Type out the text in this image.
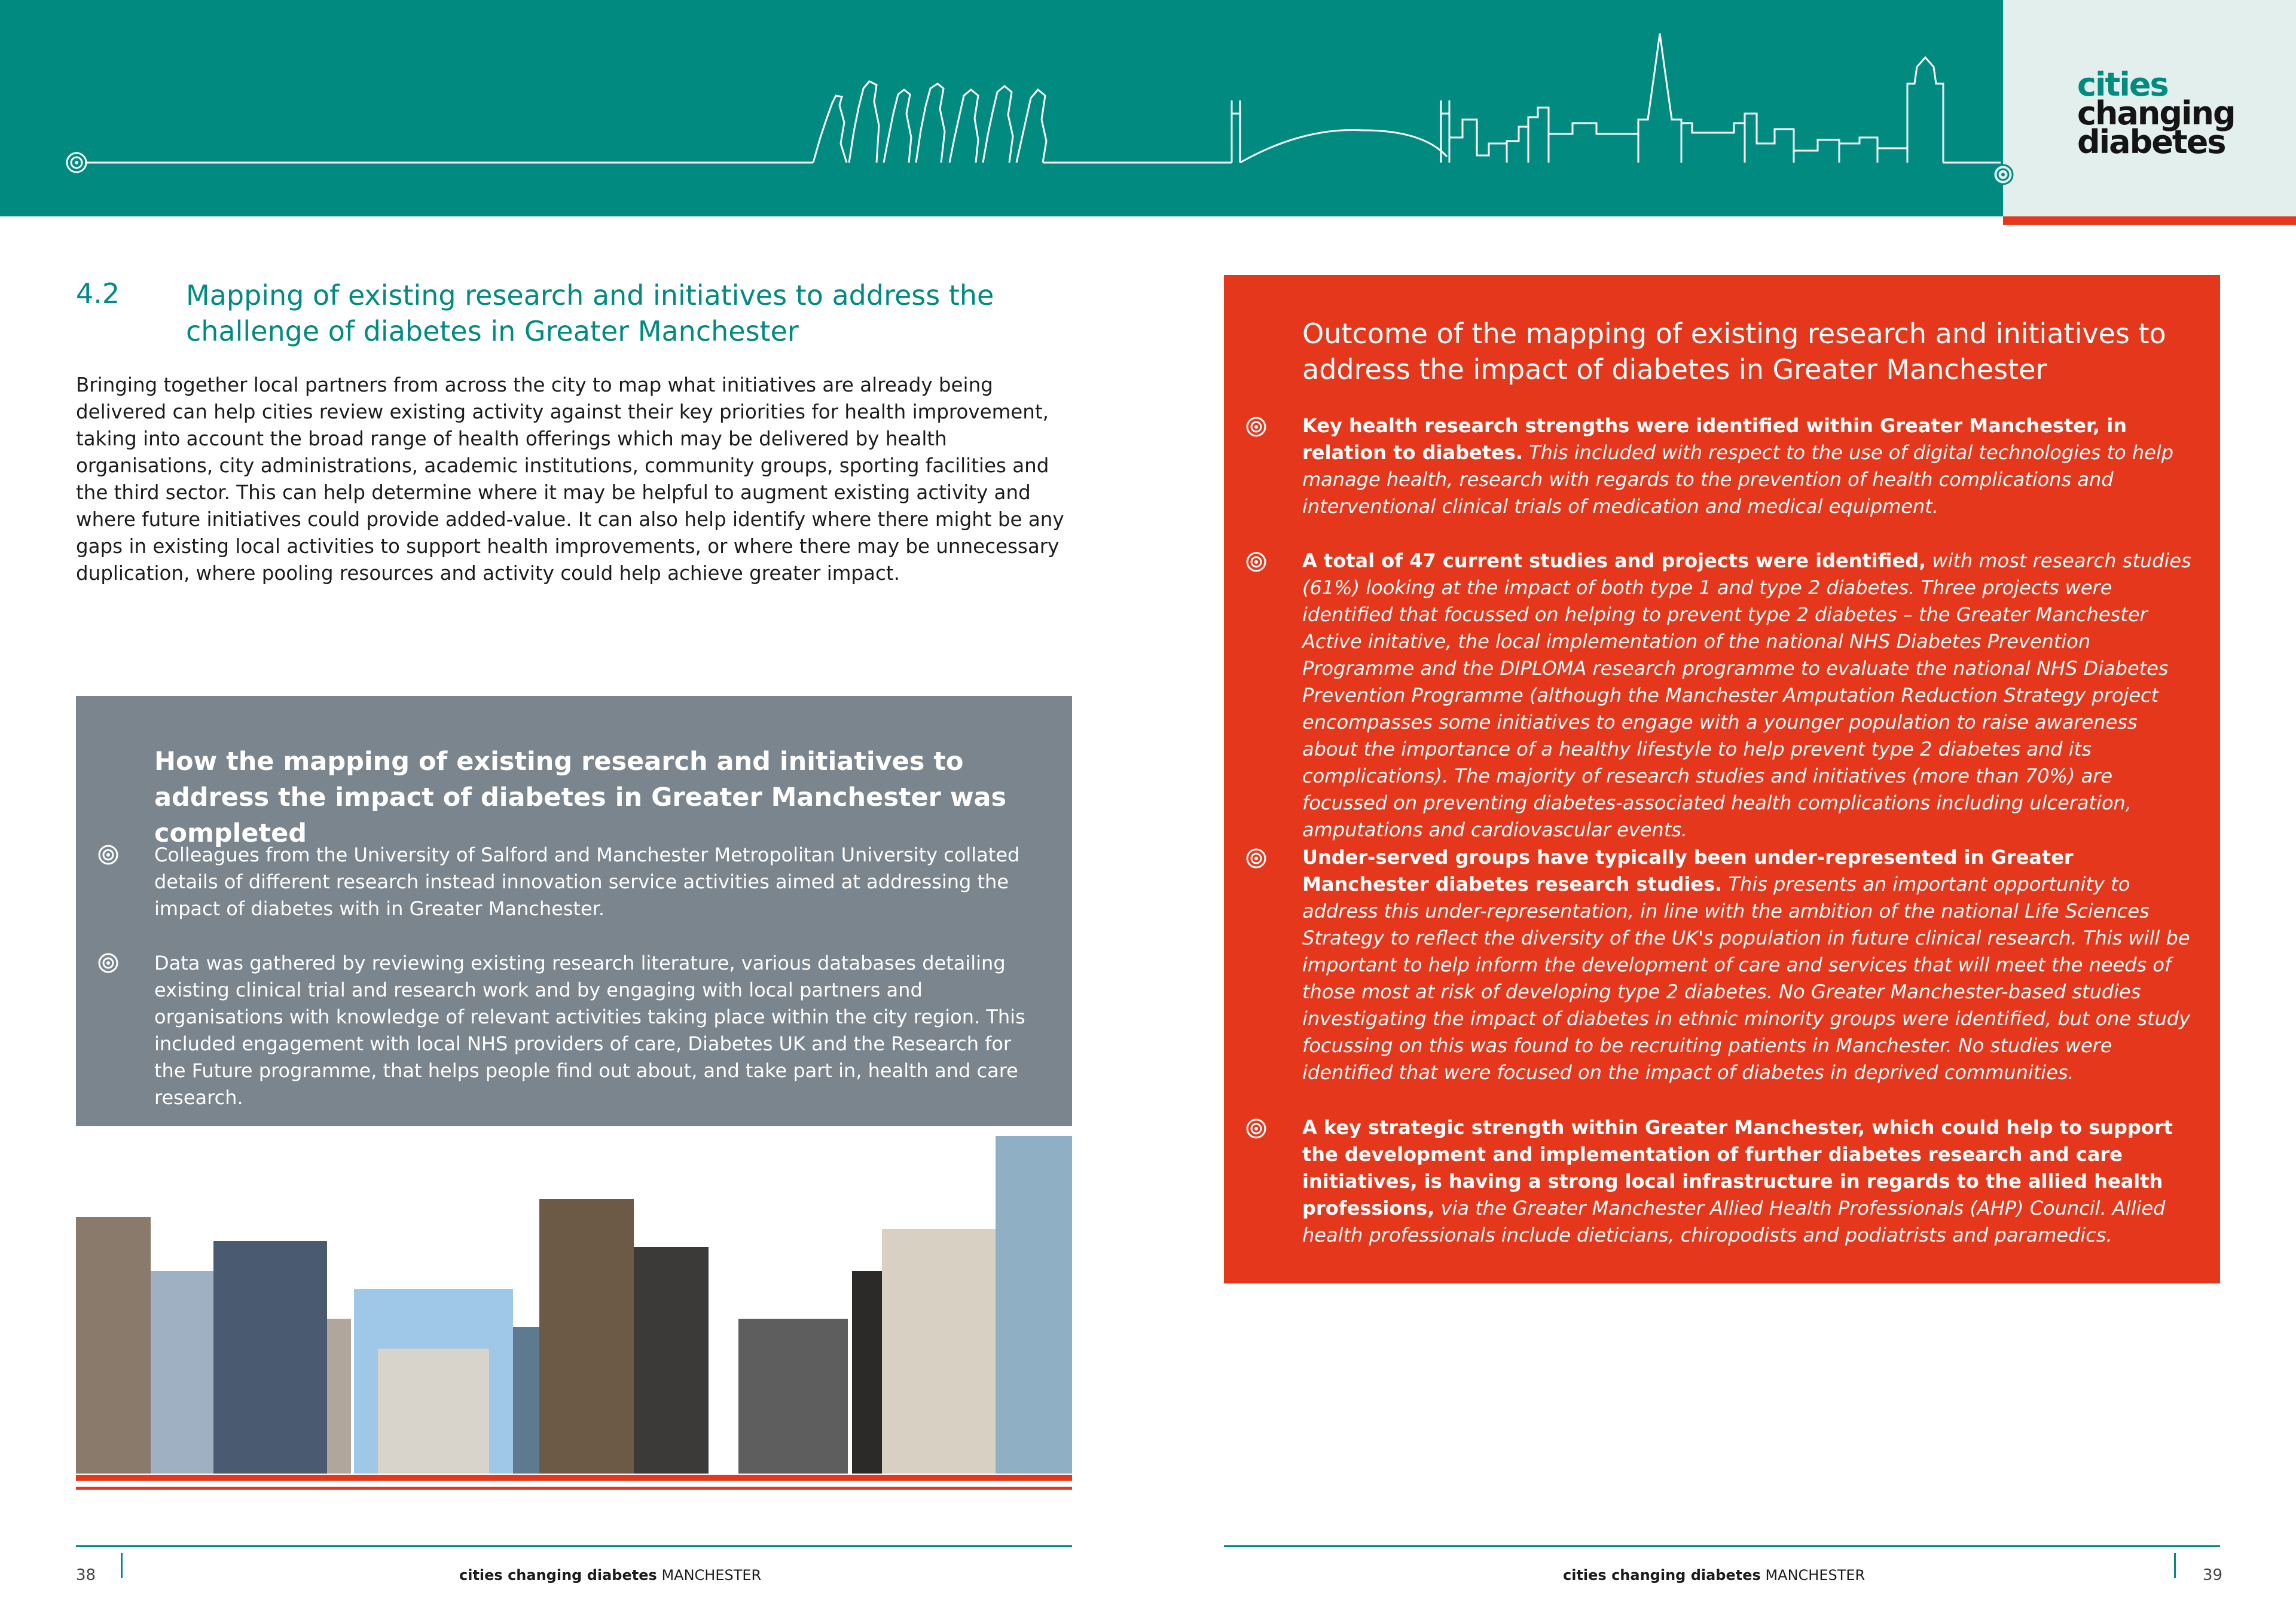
cities
changing
diabetes
4.2 Mapping of existing research and initiatives to address the challenge of diabetes in Greater Manchester
Bringing together local partners from across the city to map what initiatives are already being delivered can help cities review existing activity against their key priorities for health improvement, taking into account the broad range of health offerings which may be delivered by health organisations, city administrations, academic institutions, community groups, sporting facilities and the third sector. This can help determine where it may be helpful to augment existing activity and where future initiatives could provide added-value. It can also help identify where there might be any gaps in existing local activities to support health improvements, or where there may be unnecessary duplication, where pooling resources and activity could help achieve greater impact.
How the mapping of existing research and initiatives to address the impact of diabetes in Greater Manchester was completed
Colleagues from the University of Salford and Manchester Metropolitan University collated details of different research instead innovation service activities aimed at addressing the impact of diabetes with in Greater Manchester.
Data was gathered by reviewing existing research literature, various databases detailing existing clinical trial and research work and by engaging with local partners and organisations with knowledge of relevant activities taking place within the city region. This included engagement with local NHS providers of care, Diabetes UK and the Research for the Future programme, that helps people find out about, and take part in, health and care research.
Outcome of the mapping of existing research and initiatives to address the impact of diabetes in Greater Manchester
Key health research strengths were identified within Greater Manchester, in relation to diabetes. This included with respect to the use of digital technologies to help manage health, research with regards to the prevention of health complications and interventional clinical trials of medication and medical equipment.
A total of 47 current studies and projects were identified, with most research studies (61%) looking at the impact of both type 1 and type 2 diabetes. Three projects were identified that focussed on helping to prevent type 2 diabetes – the Greater Manchester Active initative, the local implementation of the national NHS Diabetes Prevention Programme and the DIPLOMA research programme to evaluate the national NHS Diabetes Prevention Programme (although the Manchester Amputation Reduction Strategy project encompasses some initiatives to engage with a younger population to raise awareness about the importance of a healthy lifestyle to help prevent type 2 diabetes and its complications). The majority of research studies and initiatives (more than 70%) are focussed on preventing diabetes-associated health complications including ulceration, amputations and cardiovascular events.
Under-served groups have typically been under-represented in Greater Manchester diabetes research studies. This presents an important opportunity to address this under-representation, in line with the ambition of the national Life Sciences Strategy to reflect the diversity of the UK's population in future clinical research. This will be important to help inform the development of care and services that will meet the needs of those most at risk of developing type 2 diabetes. No Greater Manchester-based studies investigating the impact of diabetes in ethnic minority groups were identified, but one study focussing on this was found to be recruiting patients in Manchester. No studies were identified that were focused on the impact of diabetes in deprived communities.
A key strategic strength within Greater Manchester, which could help to support the development and implementation of further diabetes research and care initiatives, is having a strong local infrastructure in regards to the allied health professions, via the Greater Manchester Allied Health Professionals (AHP) Council. Allied health professionals include dieticians, chiropodists and podiatrists and paramedics.
38	39
cities changing diabetes MANCHESTER	cities changing diabetes MANCHESTER
